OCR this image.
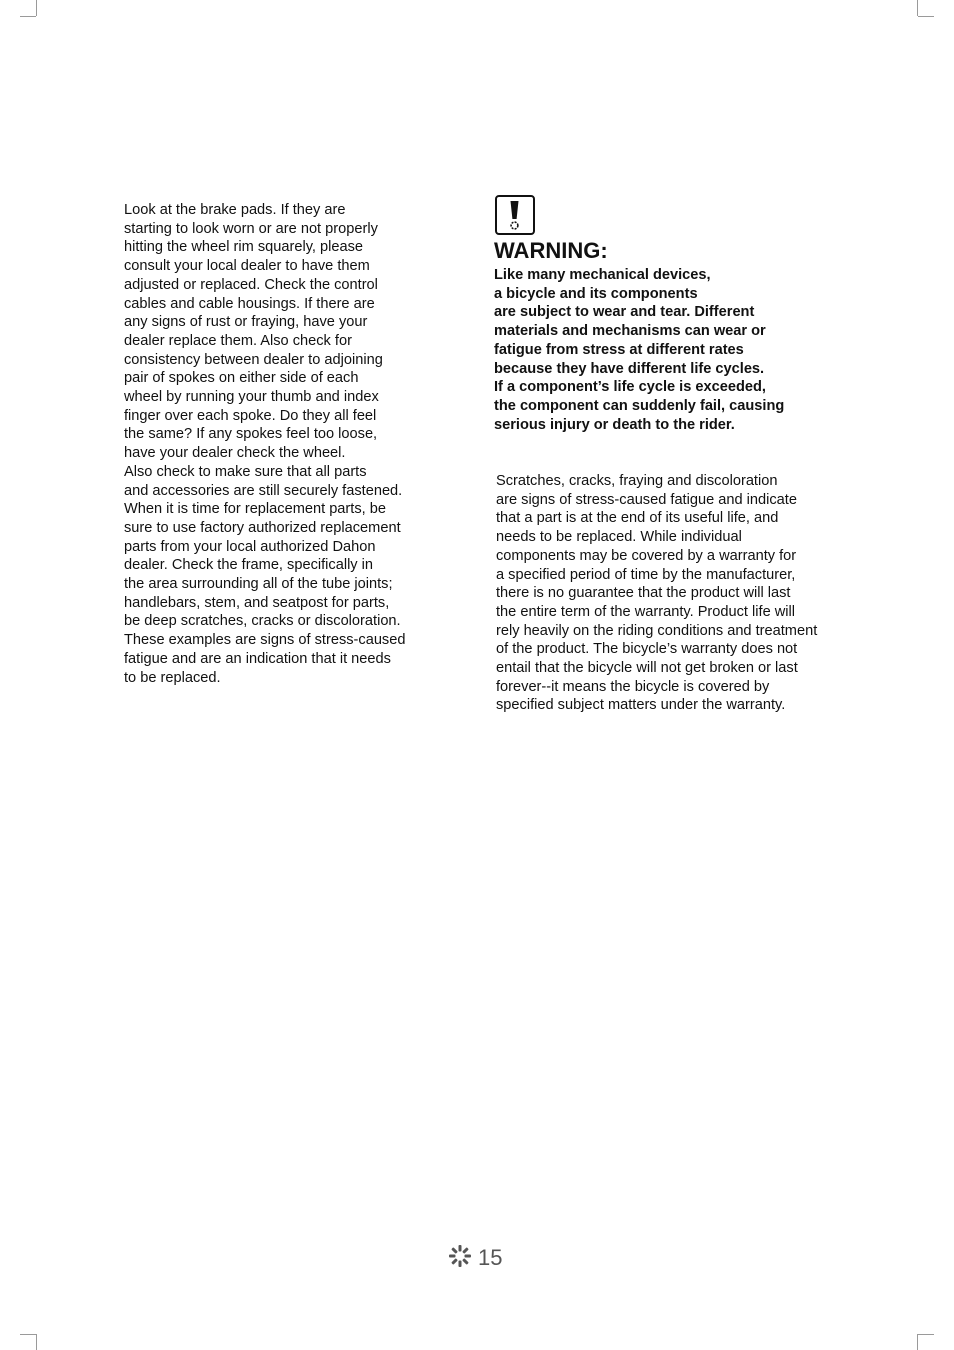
Look at the brake pads. If they are
starting to look worn or are not properly
hitting the wheel rim squarely, please
consult your local dealer to have them
adjusted or replaced. Check the control
cables and cable housings. If there are
any signs of rust or fraying, have your
dealer replace them. Also check for
consistency between dealer to adjoining
pair of spokes on either side of each
wheel by running your thumb and index
finger over each spoke. Do they all feel
the same? If any spokes feel too loose,
have your dealer check the wheel.
Also check to make sure that all parts
and accessories are still securely fastened.
When it is time for replacement parts, be
sure to use factory authorized replacement
parts from your local authorized Dahon
dealer. Check the frame, specifically in
the area surrounding all of the tube joints;
handlebars, stem, and seatpost for parts,
be deep scratches, cracks or discoloration.
These examples are signs of stress-caused
fatigue and are an indication that it needs
to be replaced.
WARNING:
Like many mechanical devices,
a bicycle and its components
are subject to wear and tear. Different
materials and mechanisms can wear or
fatigue from stress at different rates
because they have different life cycles.
If a component’s life cycle is exceeded,
the component can suddenly fail, causing
serious injury or death to the rider.
Scratches, cracks, fraying and discoloration
are signs of stress-caused fatigue and indicate
that a part is at the end of its useful life, and
needs to be replaced. While individual
components may be covered by a warranty for
a specified period of time by the manufacturer,
there is no guarantee that the product will last
the entire term of the warranty. Product life will
rely heavily on the riding conditions and treatment
of the product. The bicycle’s warranty does not
entail that the bicycle will not get broken or last
forever--it means the bicycle is covered by
specified subject matters under the warranty.
15
